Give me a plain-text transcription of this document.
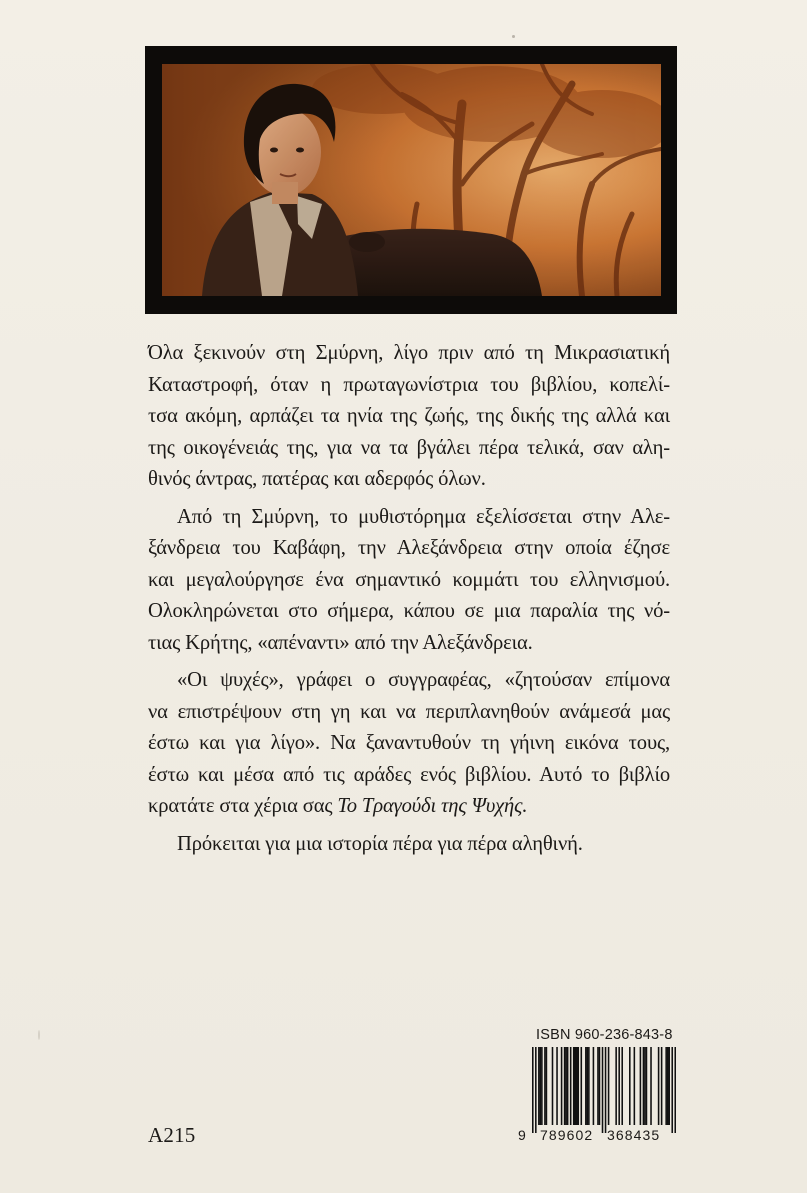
Όλα ξεκινούν στη Σμύρνη, λίγο πριν από τη Μικρασιατική
Καταστροφή, όταν η πρωταγωνίστρια του βιβλίου, κοπελί-
τσα ακόμη, αρπάζει τα ηνία της ζωής, της δικής της αλλά και
της οικογένειάς της, για να τα βγάλει πέρα τελικά, σαν αλη-
θινός άντρας, πατέρας και αδερφός όλων.

Από τη Σμύρνη, το μυθιστόρημα εξελίσσεται στην Αλε-
ξάνδρεια του Καβάφη, την Αλεξάνδρεια στην οποία έζησε
και μεγαλούργησε ένα σημαντικό κομμάτι του ελληνισμού.
Ολοκληρώνεται στο σήμερα, κάπου σε μια παραλία της νό-
τιας Κρήτης, «απέναντι» από την Αλεξάνδρεια.

«Οι ψυχές», γράφει ο συγγραφέας, «ζητούσαν επίμονα
να επιστρέψουν στη γη και να περιπλανηθούν ανάμεσά μας
έστω και για λίγο». Να ξαναντυθούν τη γήινη εικόνα τους,
έστω και μέσα από τις αράδες ενός βιβλίου. Αυτό το βιβλίο
κρατάτε στα χέρια σας Το Τραγούδι της Ψυχής.

Πρόκειται για μια ιστορία πέρα για πέρα αληθινή.

A215
ISBN 960-236-843-8
9 789602 368435
